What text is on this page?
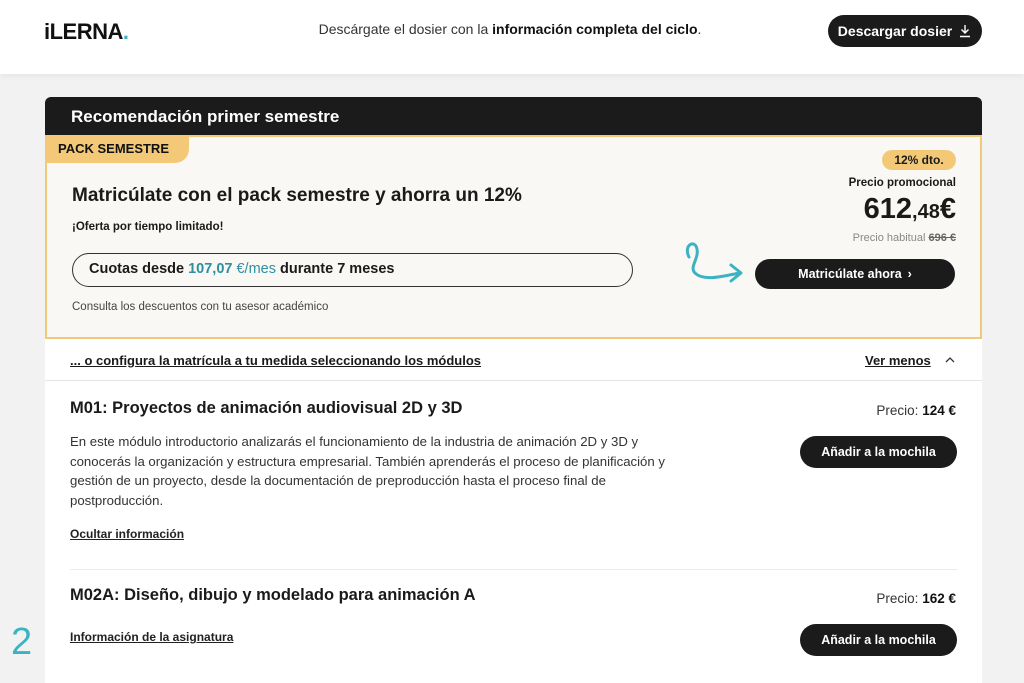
iLERNA.	Descárgate el dosier con la información completa del ciclo.	Descargar dosier
Recomendación primer semestre
PACK SEMESTRE
Matricúlate con el pack semestre y ahorra un 12%
¡Oferta por tiempo limitado!
Cuotas desde 107,07 €/mes durante 7 meses
Consulta los descuentos con tu asesor académico
12% dto.
Precio promocional
612,48€
Precio habitual 696 €
Matricúlate ahora ›
... o configura la matrícula a tu medida seleccionando los módulos	Ver menos
M01: Proyectos de animación audiovisual 2D y 3D	Precio: 124 €
En este módulo introductorio analizarás el funcionamiento de la industria de animación 2D y 3D y conocerás la organización y estructura empresarial. También aprenderás el proceso de planificación y gestión de un proyecto, desde la documentación de preproducción hasta el proceso final de postproducción.
Añadir a la mochila
Ocultar información
M02A: Diseño, dibujo y modelado para animación A	Precio: 162 €
Información de la asignatura	Añadir a la mochila
2
